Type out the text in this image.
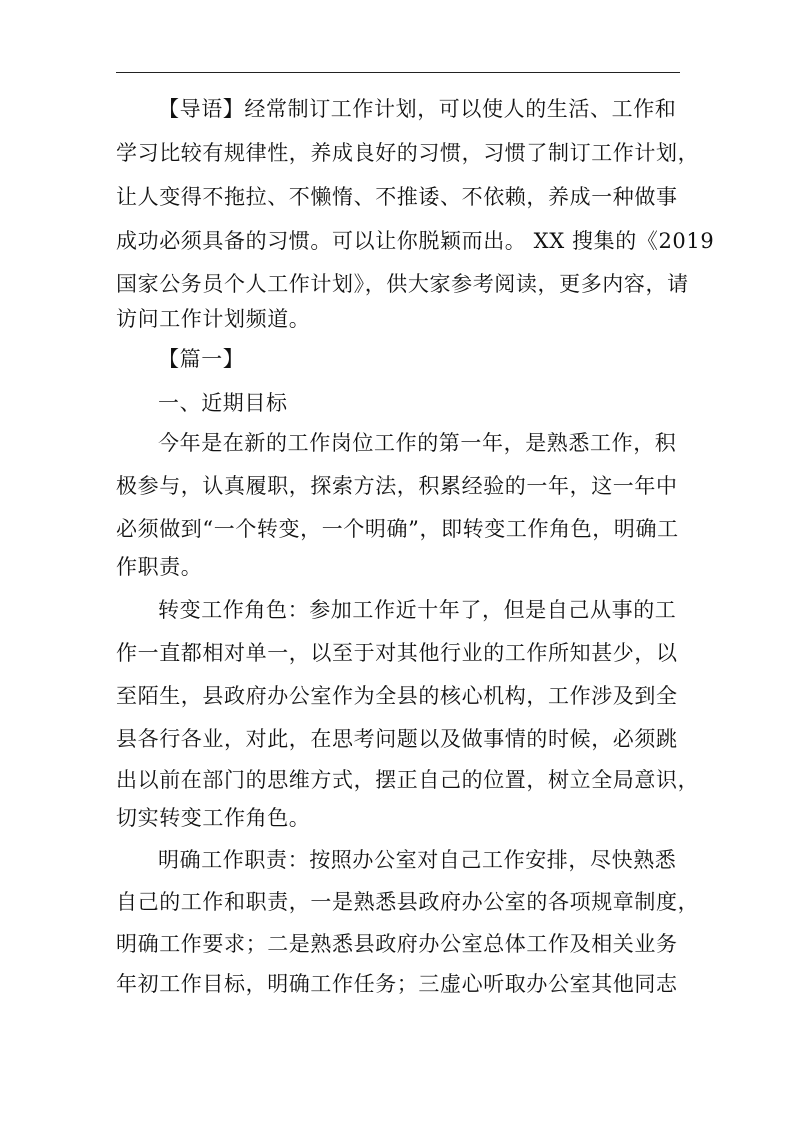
【导语】经常制订工作计划，可以使人的生活、工作和
学习比较有规律性，养成良好的习惯，习惯了制订工作计划，
让人变得不拖拉、不懒惰、不推诿、不依赖，养成一种做事
成功必须具备的习惯。可以让你脱颖而出。 XX 搜集的《2019
国家公务员个人工作计划》，供大家参考阅读，更多内容，请
访问工作计划频道。
【篇一】
一、近期目标
今年是在新的工作岗位工作的第一年，是熟悉工作，积
极参与，认真履职，探索方法，积累经验的一年，这一年中
必须做到“一个转变，一个明确”，即转变工作角色，明确工
作职责。
转变工作角色：参加工作近十年了，但是自己从事的工
作一直都相对单一，以至于对其他行业的工作所知甚少，以
至陌生，县政府办公室作为全县的核心机构，工作涉及到全
县各行各业，对此，在思考问题以及做事情的时候，必须跳
出以前在部门的思维方式，摆正自己的位置，树立全局意识，
切实转变工作角色。
明确工作职责：按照办公室对自己工作安排，尽快熟悉
自己的工作和职责，一是熟悉县政府办公室的各项规章制度，
明确工作要求；二是熟悉县政府办公室总体工作及相关业务
年初工作目标，明确工作任务；三虚心听取办公室其他同志
